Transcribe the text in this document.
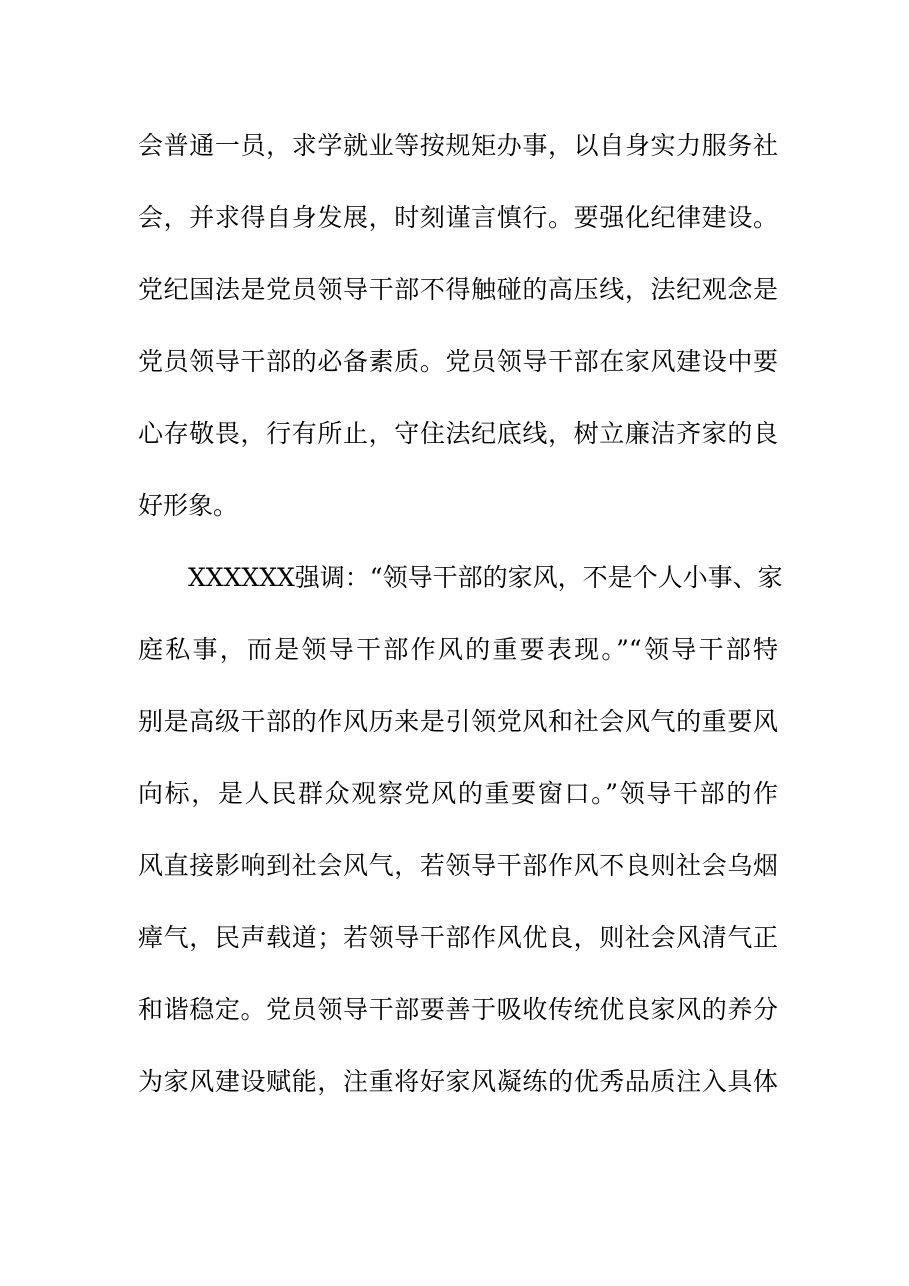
会普通一员，求学就业等按规矩办事，以自身实力服务社
会，并求得自身发展，时刻谨言慎行。要强化纪律建设。
党纪国法是党员领导干部不得触碰的高压线，法纪观念是
党员领导干部的必备素质。党员领导干部在家风建设中要
心存敬畏，行有所止，守住法纪底线，树立廉洁齐家的良
好形象。
XXXXXX强调：“领导干部的家风，不是个人小事、家
庭私事，而是领导干部作风的重要表现。”“领导干部特
别是高级干部的作风历来是引领党风和社会风气的重要风
向标，是人民群众观察党风的重要窗口。”领导干部的作
风直接影响到社会风气，若领导干部作风不良则社会乌烟
瘴气，民声载道；若领导干部作风优良，则社会风清气正
和谐稳定。党员领导干部要善于吸收传统优良家风的养分
为家风建设赋能，注重将好家风凝练的优秀品质注入具体
